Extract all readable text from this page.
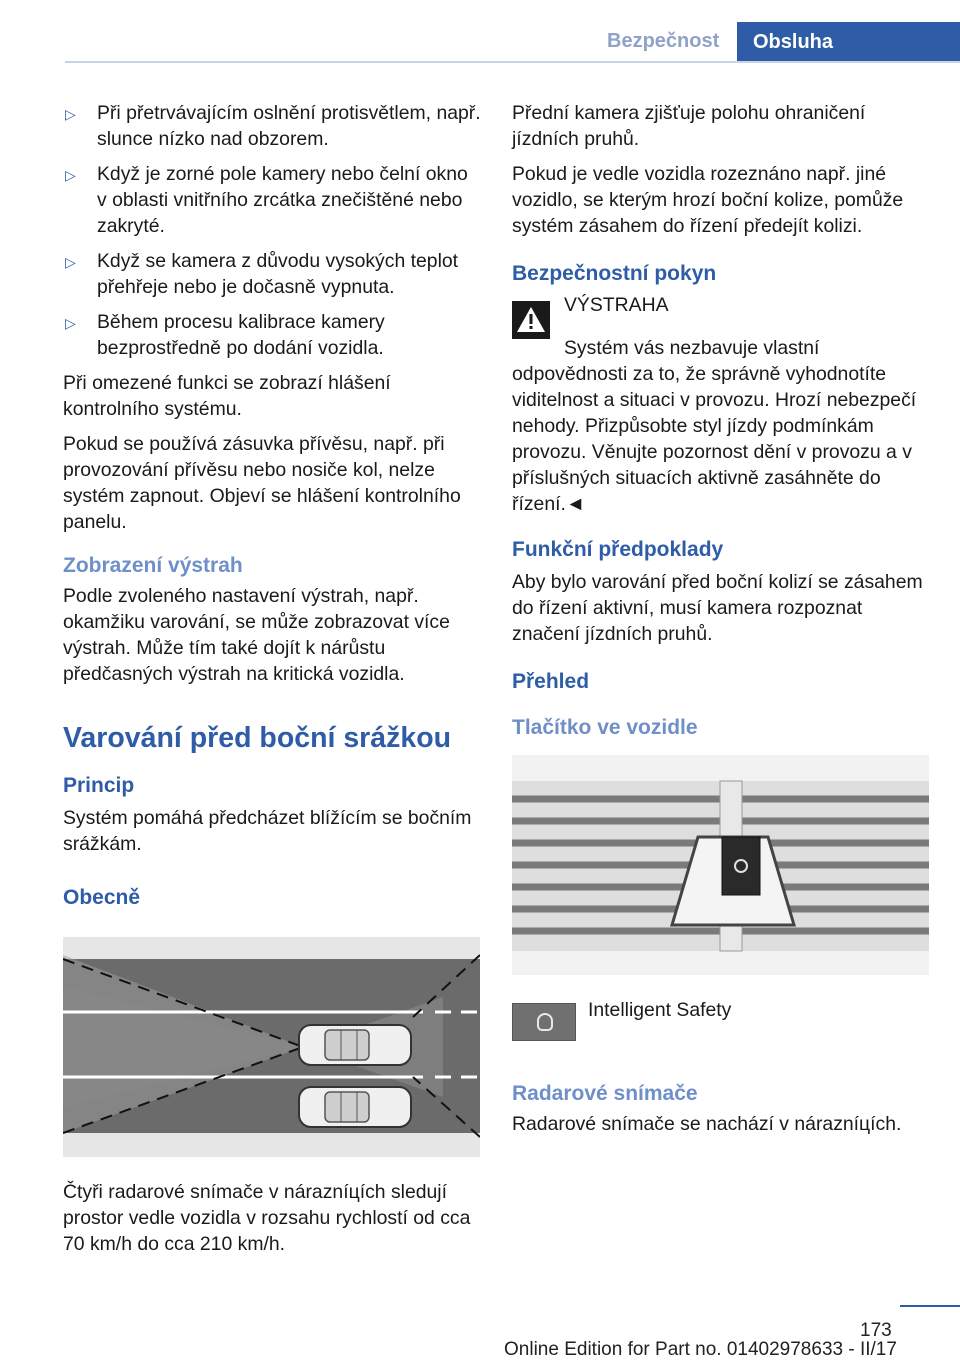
Bezpečnost	Obsluha
▷	Při přetrvávajícím oslnění protisvětlem, např. slunce nízko nad obzorem.
▷	Když je zorné pole kamery nebo čelní okno v oblasti vnitřního zrcátka znečištěné nebo zakryté.
▷	Když se kamera z důvodu vysokých teplot přehřeje nebo je dočasně vypnuta.
▷	Během procesu kalibrace kamery bezprostředně po dodání vozidla.

Při omezené funkci se zobrazí hlášení kontrolního systému.

Pokud se používá zásuvka přívěsu, např. při provozování přívěsu nebo nosiče kol, nelze systém zapnout. Objeví se hlášení kontrolního panelu.

Zobrazení výstrah

Podle zvoleného nastavení výstrah, např. okamžiku varování, se může zobrazovat více výstrah. Může tím také dojít k nárůstu předčasných výstrah na kritická vozidla.

Varování před boční srážkou
Princip

Systém pomáhá předcházet blížícím se bočním srážkám.

Obecně

Čtyři radarové snímače v nárazníцích sledují prostor vedle vozidla v rozsahu rychlostí od cca 70 km/h do cca 210 km/h.

Přední kamera zjišťuje polohu ohraničení jízdních pruhů.

Pokud je vedle vozidla rozeznáno např. jiné vozidlo, se kterým hrozí boční kolize, pomůže systém zásahem do řízení předejít kolizi.

Bezpečnostní pokyn
VÝSTRAHA

Systém vás nezbavuje vlastní odpovědnosti za to, že správně vyhodnotíte viditelnost a situaci v provozu. Hrozí nebezpečí nehody. Přizpůsobte styl jízdy podmínkám provozu. Věnujte pozornost dění v provozu a v příslušných situacích aktivně zasáhněte do řízení.◄

Funkční předpoklady

Aby bylo varování před boční kolizí se zásahem do řízení aktivní, musí kamera rozpoznat značení jízdních pruhů.

Přehled
Tlačítko ve vozidle
Intelligent Safety
Radarové snímače

Radarové snímače se nachází v nárazníцích.

173
Online Edition for Part no. 01402978633 - II/17
